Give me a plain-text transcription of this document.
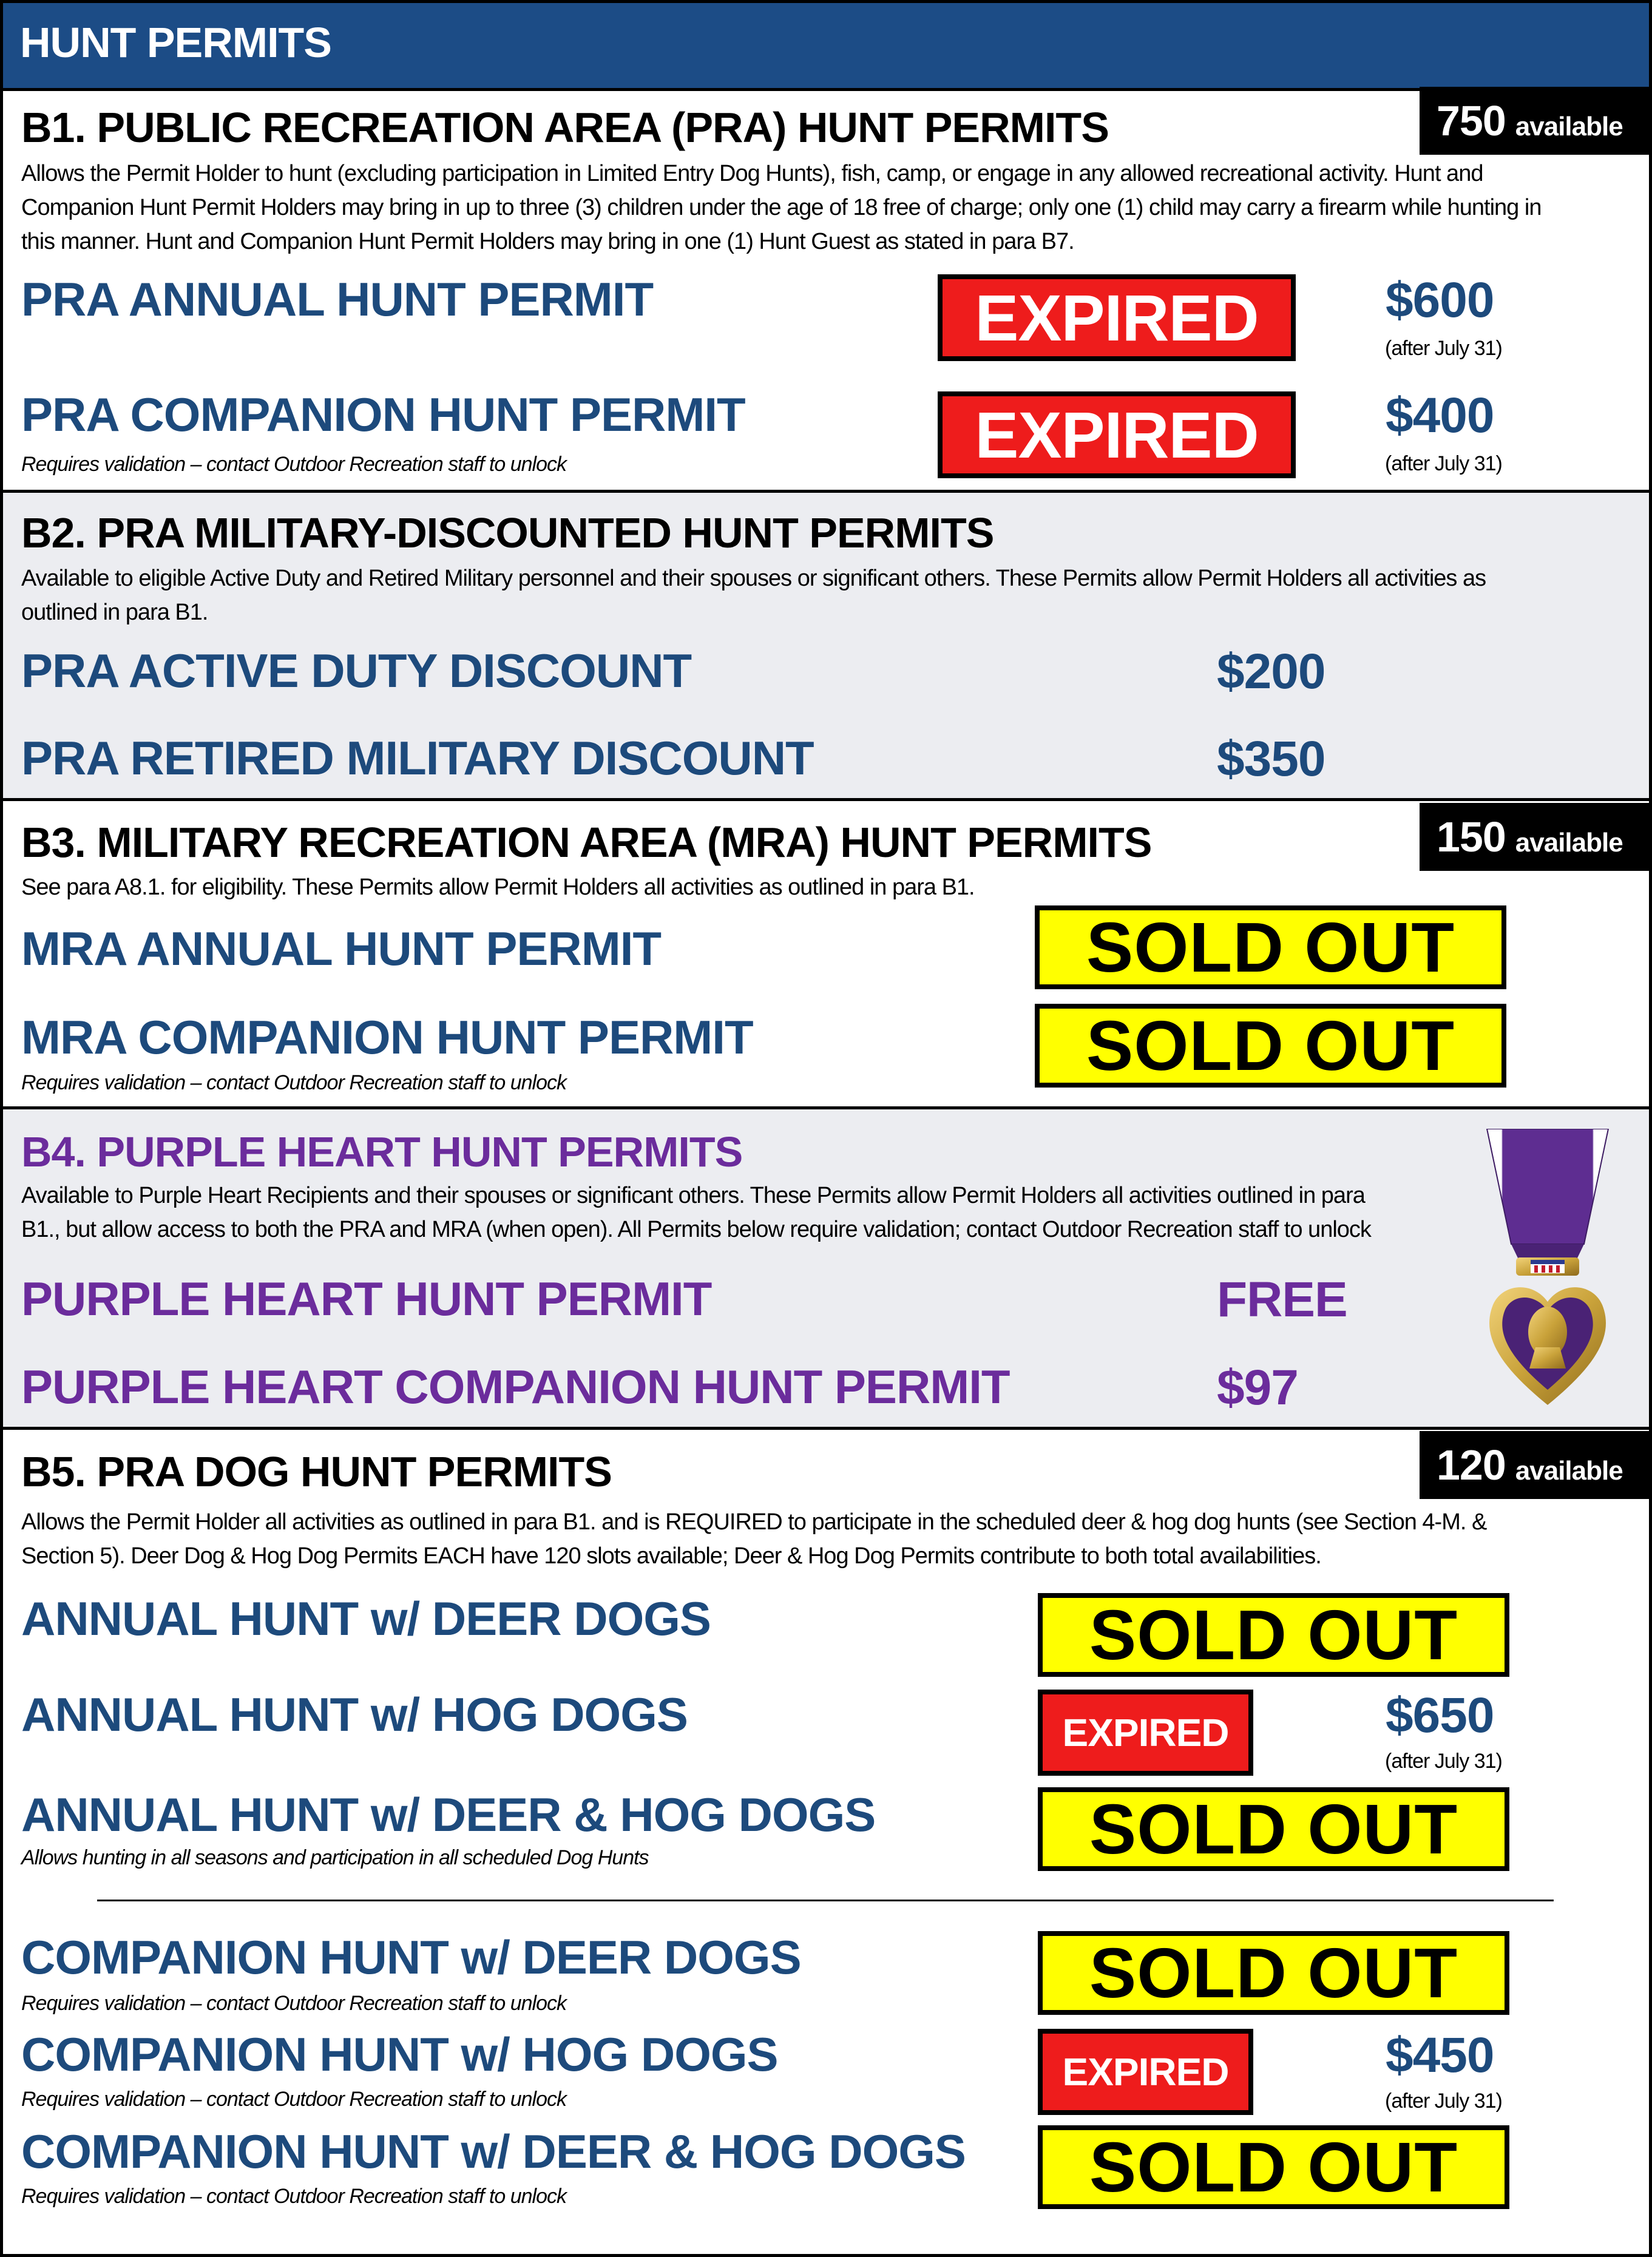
HUNT PERMITS
B1. PUBLIC RECREATION AREA (PRA) HUNT PERMITS	750 available
Allows the Permit Holder to hunt (excluding participation in Limited Entry Dog Hunts), fish, camp, or engage in any allowed recreational activity. Hunt and
Companion Hunt Permit Holders may bring in up to three (3) children under the age of 18 free of charge; only one (1) child may carry a firearm while hunting in
this manner. Hunt and Companion Hunt Permit Holders may bring in one (1) Hunt Guest as stated in para B7.
PRA ANNUAL HUNT PERMIT	EXPIRED	$600
(after July 31)
PRA COMPANION HUNT PERMIT
Requires validation – contact Outdoor Recreation staff to unlock	EXPIRED	$400
(after July 31)
B2. PRA MILITARY-DISCOUNTED HUNT PERMITS
Available to eligible Active Duty and Retired Military personnel and their spouses or significant others. These Permits allow Permit Holders all activities as
outlined in para B1.
PRA ACTIVE DUTY DISCOUNT	$200
PRA RETIRED MILITARY DISCOUNT	$350
B3. MILITARY RECREATION AREA (MRA) HUNT PERMITS	150 available
See para A8.1. for eligibility. These Permits allow Permit Holders all activities as outlined in para B1.
MRA ANNUAL HUNT PERMIT	SOLD OUT
MRA COMPANION HUNT PERMIT
Requires validation – contact Outdoor Recreation staff to unlock	SOLD OUT
B4. PURPLE HEART HUNT PERMITS
Available to Purple Heart Recipients and their spouses or significant others. These Permits allow Permit Holders all activities outlined in para
B1., but allow access to both the PRA and MRA (when open). All Permits below require validation; contact Outdoor Recreation staff to unlock
PURPLE HEART HUNT PERMIT	FREE
PURPLE HEART COMPANION HUNT PERMIT	$97
B5. PRA DOG HUNT PERMITS	120 available
Allows the Permit Holder all activities as outlined in para B1. and is REQUIRED to participate in the scheduled deer & hog dog hunts (see Section 4-M. &
Section 5). Deer Dog & Hog Dog Permits EACH have 120 slots available; Deer & Hog Dog Permits contribute to both total availabilities.
ANNUAL HUNT w/ DEER DOGS	SOLD OUT
ANNUAL HUNT w/ HOG DOGS	EXPIRED	$650
(after July 31)
ANNUAL HUNT w/ DEER & HOG DOGS
Allows hunting in all seasons and participation in all scheduled Dog Hunts	SOLD OUT
COMPANION HUNT w/ DEER DOGS
Requires validation – contact Outdoor Recreation staff to unlock	SOLD OUT
COMPANION HUNT w/ HOG DOGS
Requires validation – contact Outdoor Recreation staff to unlock
EXPIRED	$450
(after July 31)
COMPANION HUNT w/ DEER & HOG DOGS
Requires validation – contact Outdoor Recreation staff to unlock	SOLD OUT
